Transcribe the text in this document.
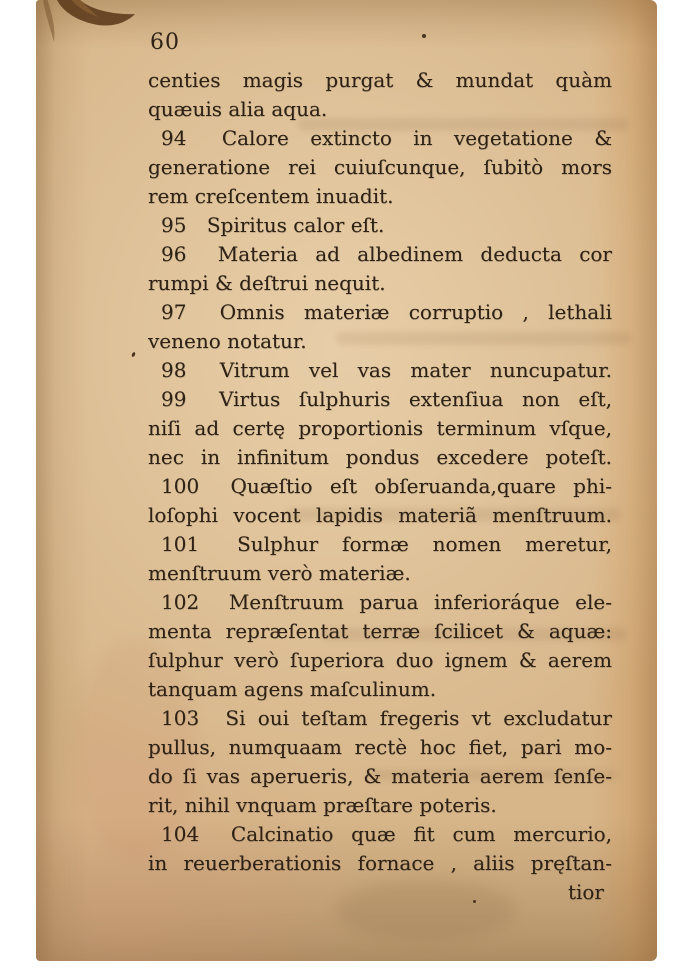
60
centies magis purgat & mundat quàm
quæuis alia aqua.
94 Calore extincto in vegetatione &
generatione rei cuiuſcunque, ſubitò mors
rem creſcentem inuadit.
95 Spiritus calor eſt.
96 Materia ad albedinem deducta cor
rumpi & deſtrui nequit.
97 Omnis materiæ corruptio , lethali
veneno notatur.
98 Vitrum vel vas mater nuncupatur.
99 Virtus ſulphuris extenſiua non eſt,
niſi ad certę proportionis terminum vſque,
nec in infinitum pondus excedere poteſt.
100 Quæſtio eſt obſeruanda,quare phi-
loſophi vocent lapidis materiã menſtruum.
101 Sulphur formæ nomen meretur,
menſtruum verò materiæ.
102 Menſtruum parua inferioráque ele-
menta repræſentat terræ ſcilicet & aquæ:
ſulphur verò ſuperiora duo ignem & aerem
tanquam agens maſculinum.
103 Si oui teſtam fregeris vt excludatur
pullus, numquaam rectè hoc fiet, pari mo-
do ſi vas aperueris, & materia aerem ſenſe-
rit, nihil vnquam præſtare poteris.
104 Calcinatio quæ fit cum mercurio,
in reuerberationis fornace , aliis pręſtan-
tior
